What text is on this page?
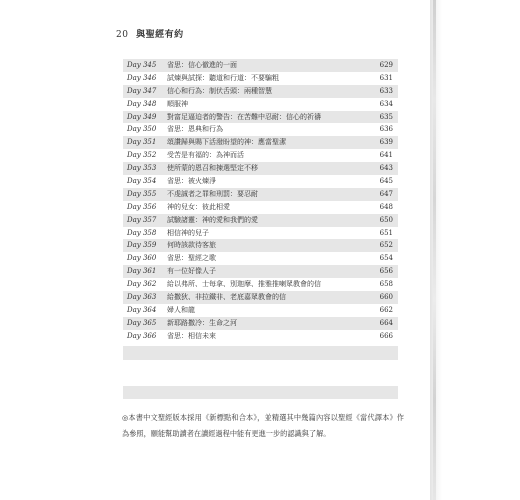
20 與聖經有約
Day 345	省思：信心徹進的一面	629
Day 346	試煉與試探：聽道和行道：不要騙粗	631
Day 347	信心和行為：制伏舌頭：兩種智慧	633
Day 348	順服神	634
Day 349	對富足逼迫者的警告：在苦難中忍耐：信心的祈禱	635
Day 350	省思：恩典和行為	636
Day 351	頌讚歸與賜下活潑盼望的神：應當聖潔	639
Day 352	受苦是有福的：為神而活	641
Day 353	使所蒙的恩召和揀選堅定不移	643
Day 354	省思：被火煉淨	645
Day 355	不虔誠者之罪和刑罰：要忍耐	647
Day 356	神的兒女：彼此相愛	648
Day 357	試驗諸靈：神的愛和我們的愛	650
Day 358	相信神的兒子	651
Day 359	何時該款待客旅	652
Day 360	省思：聖經之歌	654
Day 361	有一位好像人子	656
Day 362	給以弗所、士每拿、別迦摩、推雅推喇眾教會的信	658
Day 363	給撒狄、非拉鐵非、老底嘉眾教會的信	660
Day 364	婦人和龍	662
Day 365	新耶路撒冷：生命之河	664
Day 366	省思：相信未來	666
◎本書中文聖經版本採用《新標點和合本》，並精選其中幾篇內容以聖經《當代譯本》作為參照，願能幫助讀者在讀經過程中能有更進一步的認識與了解。
